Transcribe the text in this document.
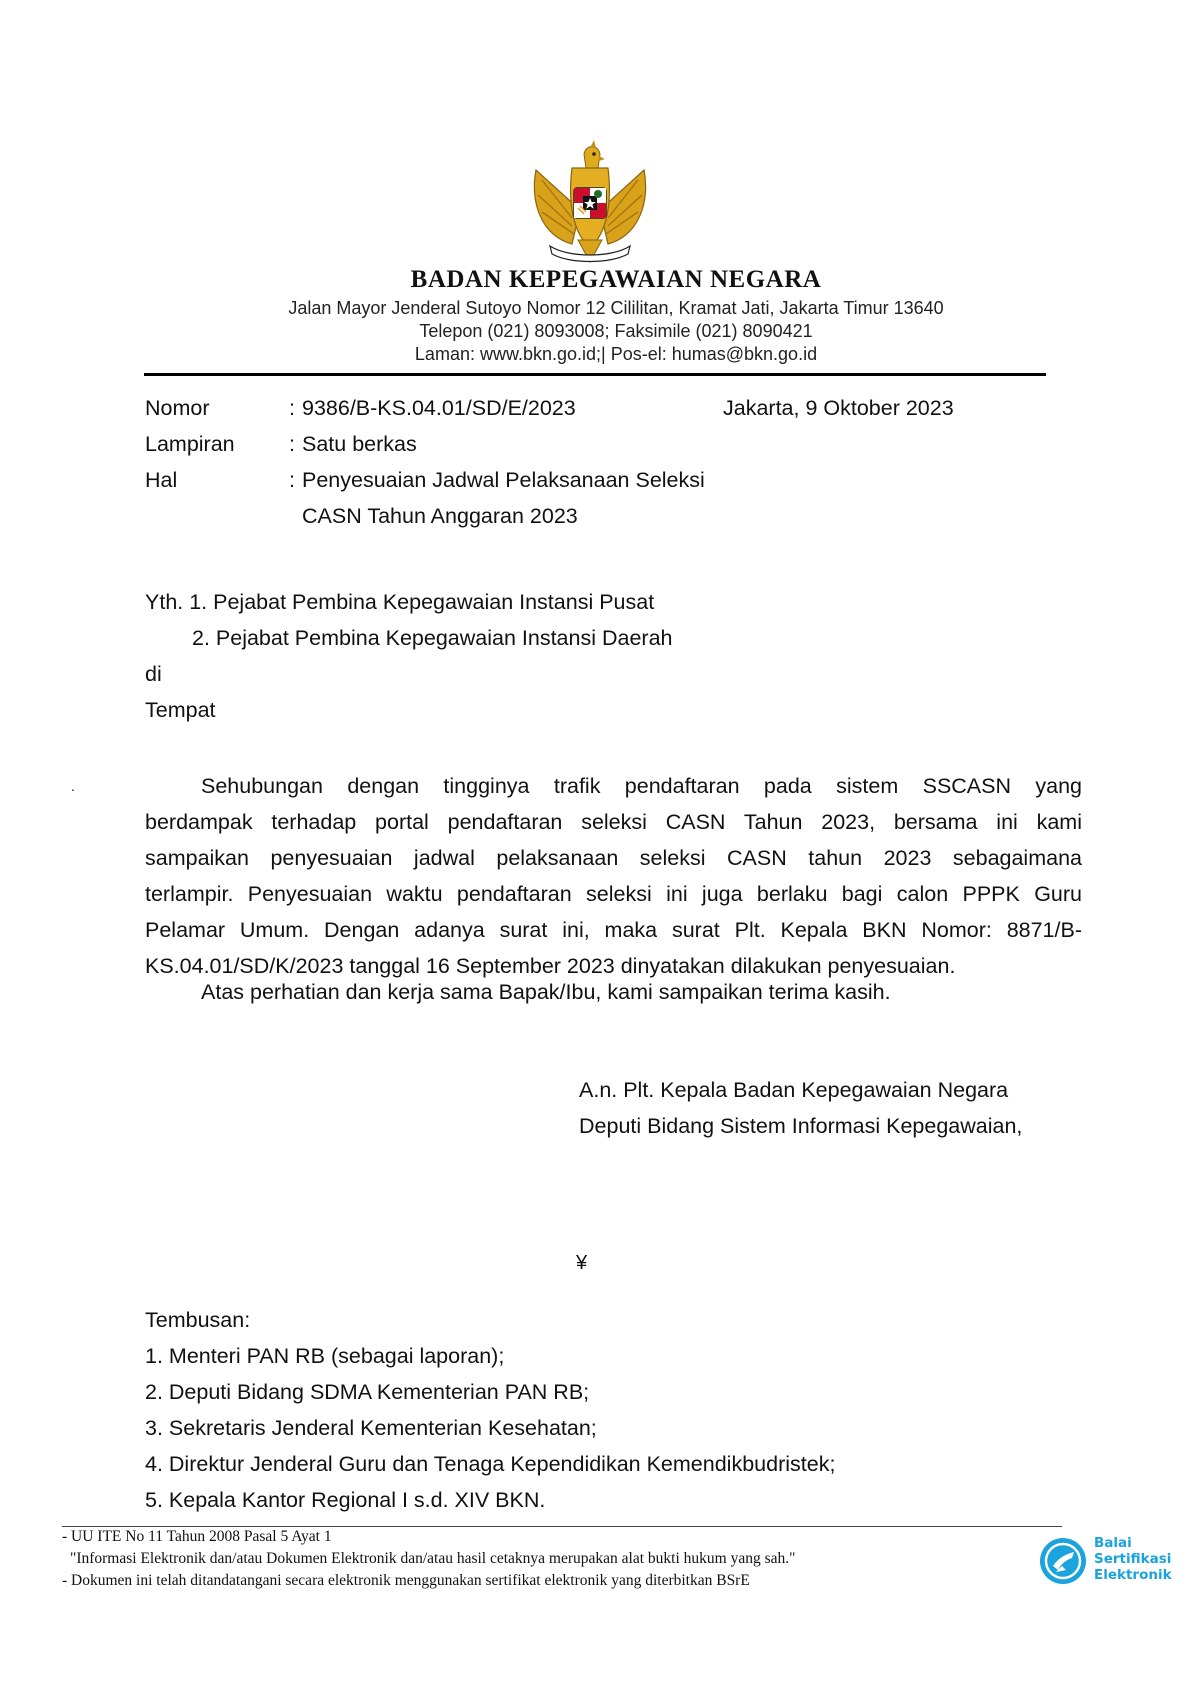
BADAN KEPEGAWAIAN NEGARA
Jalan Mayor Jenderal Sutoyo Nomor 12 Cililitan, Kramat Jati, Jakarta Timur 13640
Telepon (021) 8093008; Faksimile (021) 8090421
Laman: www.bkn.go.id;| Pos-el: humas@bkn.go.id
Nomor	: 9386/B-KS.04.01/SD/E/2023	Jakarta, 9 Oktober 2023
Lampiran	: Satu berkas
Hal	: Penyesuaian Jadwal Pelaksanaan Seleksi
CASN Tahun Anggaran 2023
Yth. 1. Pejabat Pembina Kepegawaian Instansi Pusat
2. Pejabat Pembina Kepegawaian Instansi Daerah
di
Tempat
.	Sehubungan dengan tingginya trafik pendaftaran pada sistem SSCASN yang
berdampak terhadap portal pendaftaran seleksi CASN Tahun 2023, bersama ini kami
sampaikan penyesuaian jadwal pelaksanaan seleksi CASN tahun 2023 sebagaimana
terlampir. Penyesuaian waktu pendaftaran seleksi ini juga berlaku bagi calon PPPK Guru
Pelamar Umum. Dengan adanya surat ini, maka surat Plt. Kepala BKN Nomor: 8871/B-
KS.04.01/SD/K/2023 tanggal 16 September 2023 dinyatakan dilakukan penyesuaian.
Atas perhatian dan kerja sama Bapak/Ibu, kami sampaikan terima kasih.
A.n. Plt. Kepala Badan Kepegawaian Negara
Deputi Bidang Sistem Informasi Kepegawaian,
¥
Tembusan:
1. Menteri PAN RB (sebagai laporan);
2. Deputi Bidang SDMA Kementerian PAN RB;
3. Sekretaris Jenderal Kementerian Kesehatan;
4. Direktur Jenderal Guru dan Tenaga Kependidikan Kemendikbudristek;
5. Kepala Kantor Regional I s.d. XIV BKN.
- UU ITE No 11 Tahun 2008 Pasal 5 Ayat 1
"Informasi Elektronik dan/atau Dokumen Elektronik dan/atau hasil cetaknya merupakan alat bukti hukum yang sah."
- Dokumen ini telah ditandatangani secara elektronik menggunakan sertifikat elektronik yang diterbitkan BSrE
Balai
Sertifikasi
Elektronik
